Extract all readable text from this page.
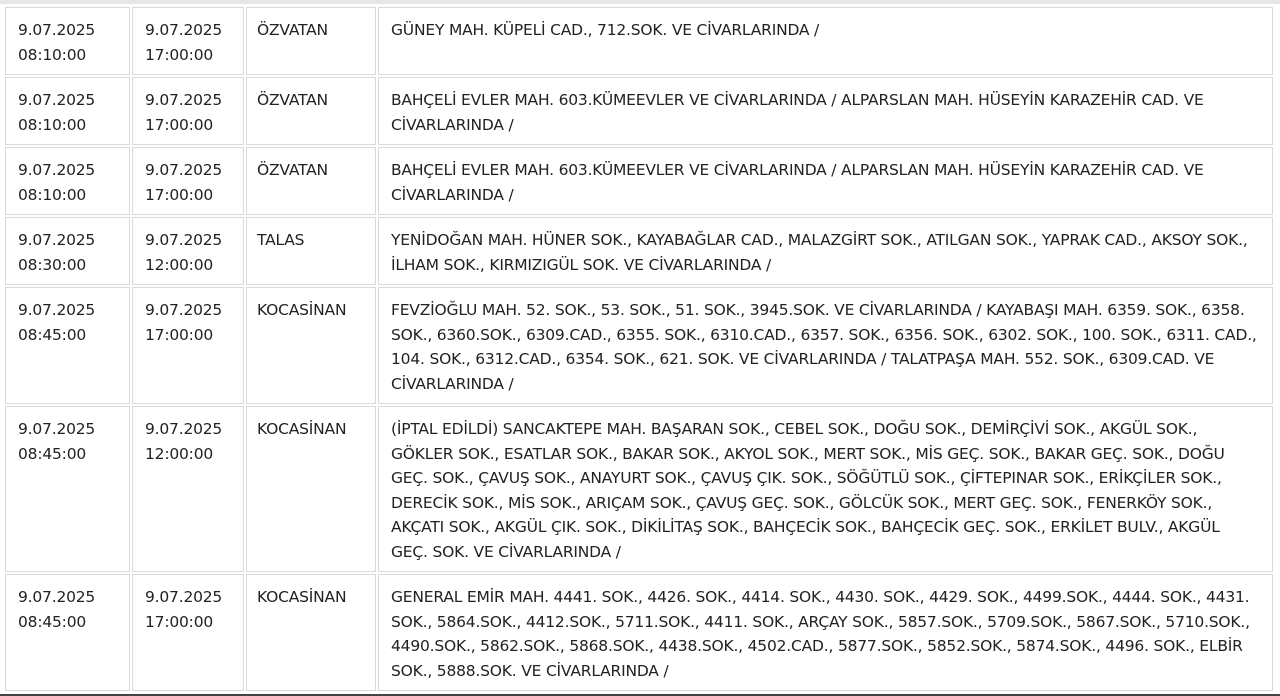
9.07.2025
08:10:00	9.07.2025
17:00:00	ÖZVATAN	GÜNEY MAH. KÜPELİ CAD., 712.SOK. VE CİVARLARINDA /

9.07.2025
08:10:00	9.07.2025
17:00:00	ÖZVATAN	BAHÇELİ EVLER MAH. 603.KÜMEEVLER VE CİVARLARINDA / ALPARSLAN MAH. HÜSEYİN KARAZEHİR CAD. VE CİVARLARINDA /

9.07.2025
08:10:00	9.07.2025
17:00:00	ÖZVATAN	BAHÇELİ EVLER MAH. 603.KÜMEEVLER VE CİVARLARINDA / ALPARSLAN MAH. HÜSEYİN KARAZEHİR CAD. VE CİVARLARINDA /

9.07.2025
08:30:00	9.07.2025
12:00:00	TALAS	YENİDOĞAN MAH. HÜNER SOK., KAYABAĞLAR CAD., MALAZGİRT SOK., ATILGAN SOK., YAPRAK CAD., AKSOY SOK., İLHAM SOK., KIRMIZIGÜL SOK. VE CİVARLARINDA /

9.07.2025
08:45:00	9.07.2025
17:00:00	KOCASİNAN	FEVZİOĞLU MAH. 52. SOK., 53. SOK., 51. SOK., 3945.SOK. VE CİVARLARINDA / KAYABAŞI MAH. 6359. SOK., 6358. SOK., 6360.SOK., 6309.CAD., 6355. SOK., 6310.CAD., 6357. SOK., 6356. SOK., 6302. SOK., 100. SOK., 6311. CAD., 104. SOK., 6312.CAD., 6354. SOK., 621. SOK. VE CİVARLARINDA / TALATPAŞA MAH. 552. SOK., 6309.CAD. VE CİVARLARINDA /

9.07.2025
08:45:00	9.07.2025
12:00:00	KOCASİNAN	(İPTAL EDİLDİ) SANCAKTEPE MAH. BAŞARAN SOK., CEBEL SOK., DOĞU SOK., DEMİRÇİVİ SOK., AKGÜL SOK., GÖKLER SOK., ESATLAR SOK., BAKAR SOK., AKYOL SOK., MERT SOK., MİS GEÇ. SOK., BAKAR GEÇ. SOK., DOĞU GEÇ. SOK., ÇAVUŞ SOK., ANAYURT SOK., ÇAVUŞ ÇIK. SOK., SÖĞÜTLÜ SOK., ÇİFTEPINAR SOK., ERİKÇİLER SOK., DERECİK SOK., MİS SOK., ARIÇAM SOK., ÇAVUŞ GEÇ. SOK., GÖLCÜK SOK., MERT GEÇ. SOK., FENERKÖY SOK., AKÇATI SOK., AKGÜL ÇIK. SOK., DİKİLİTAŞ SOK., BAHÇECİK SOK., BAHÇECİK GEÇ. SOK., ERKİLET BULV., AKGÜL GEÇ. SOK. VE CİVARLARINDA /

9.07.2025
08:45:00	9.07.2025
17:00:00	KOCASİNAN	GENERAL EMİR MAH. 4441. SOK., 4426. SOK., 4414. SOK., 4430. SOK., 4429. SOK., 4499.SOK., 4444. SOK., 4431. SOK., 5864.SOK., 4412.SOK., 5711.SOK., 4411. SOK., ARÇAY SOK., 5857.SOK., 5709.SOK., 5867.SOK., 5710.SOK., 4490.SOK., 5862.SOK., 5868.SOK., 4438.SOK., 4502.CAD., 5877.SOK., 5852.SOK., 5874.SOK., 4496. SOK., ELBİR SOK., 5888.SOK. VE CİVARLARINDA /
